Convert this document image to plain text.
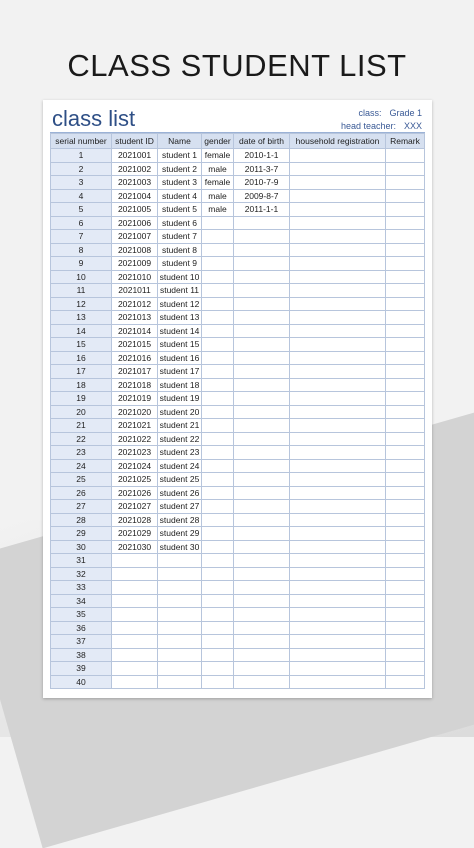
CLASS STUDENT LIST
class list	class: Grade 1
head teacher: XXX
serial number	student ID	Name	gender	date of birth	household registration	Remark
1	2021001	student 1	female	2010-1-1		
2	2021002	student 2	male	2011-3-7		
3	2021003	student 3	female	2010-7-9		
4	2021004	student 4	male	2009-8-7		
5	2021005	student 5	male	2011-1-1		
6	2021006	student 6				
7	2021007	student 7				
8	2021008	student 8				
9	2021009	student 9				
10	2021010	student 10				
11	2021011	student 11				
12	2021012	student 12				
13	2021013	student 13				
14	2021014	student 14				
15	2021015	student 15				
16	2021016	student 16				
17	2021017	student 17				
18	2021018	student 18				
19	2021019	student 19				
20	2021020	student 20				
21	2021021	student 21				
22	2021022	student 22				
23	2021023	student 23				
24	2021024	student 24				
25	2021025	student 25				
26	2021026	student 26				
27	2021027	student 27				
28	2021028	student 28				
29	2021029	student 29				
30	2021030	student 30				
31						
32						
33						
34						
35						
36						
37						
38						
39						
40						
